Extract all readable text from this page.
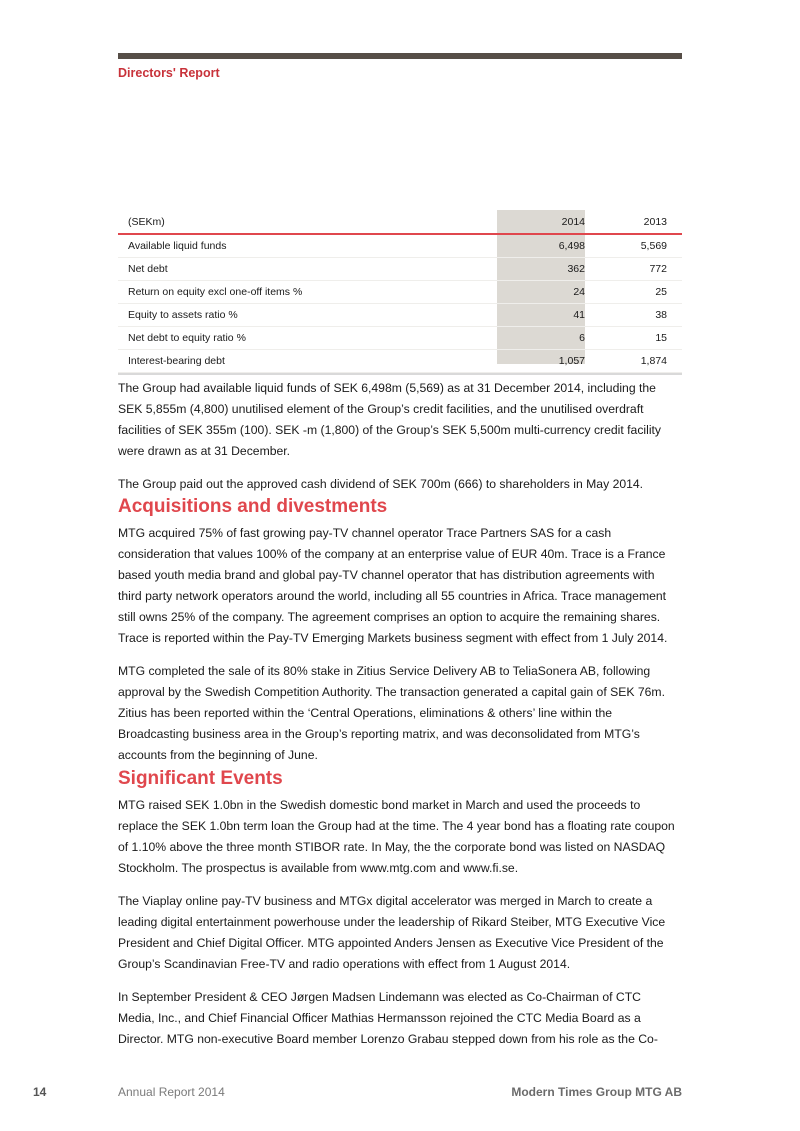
Directors' Report
(SEKm)	2014	2013
Available liquid funds	6,498	5,569
Net debt	362	772
Return on equity excl one-off items %	24	25
Equity to assets ratio %	41	38
Net debt to equity ratio %	6	15
Interest-bearing debt	1,057	1,874

The Group had available liquid funds of SEK 6,498m (5,569) as at 31 December 2014, including the SEK 5,855m (4,800) unutilised element of the Group’s credit facilities, and the unutilised overdraft facilities of SEK 355m (100). SEK -m (1,800) of the Group’s SEK 5,500m multi-currency credit facility were drawn as at 31 December.

The Group paid out the approved cash dividend of SEK 700m (666) to shareholders in May 2014.

Acquisitions and divestments

MTG acquired 75% of fast growing pay-TV channel operator Trace Partners SAS for a cash consideration that values 100% of the company at an enterprise value of EUR 40m. Trace is a France based youth media brand and global pay-TV channel operator that has distribution agreements with third party network operators around the world, including all 55 countries in Africa. Trace management still owns 25% of the company. The agreement comprises an option to acquire the remaining shares. Trace is reported within the Pay-TV Emerging Markets business segment with effect from 1 July 2014.

MTG completed the sale of its 80% stake in Zitius Service Delivery AB to TeliaSonera AB, following approval by the Swedish Competition Authority. The transaction generated a capital gain of SEK 76m. Zitius has been reported within the ‘Central Operations, eliminations & others’ line within the Broadcasting business area in the Group’s reporting matrix, and was deconsolidated from MTG’s accounts from the beginning of June.

Significant Events

MTG raised SEK 1.0bn in the Swedish domestic bond market in March and used the proceeds to replace the SEK 1.0bn term loan the Group had at the time. The 4 year bond has a floating rate coupon of 1.10% above the three month STIBOR rate. In May, the the corporate bond was listed on NASDAQ Stockholm. The prospectus is available from www.mtg.com and www.fi.se.

The Viaplay online pay-TV business and MTGx digital accelerator was merged in March to create a leading digital entertainment powerhouse under the leadership of Rikard Steiber, MTG Executive Vice President and Chief Digital Officer. MTG appointed Anders Jensen as Executive Vice President of the Group’s Scandinavian Free-TV and radio operations with effect from 1 August 2014.

In September President & CEO Jørgen Madsen Lindemann was elected as Co-Chairman of CTC Media, Inc., and Chief Financial Officer Mathias Hermansson rejoined the CTC Media Board as a Director. MTG non-executive Board member Lorenzo Grabau stepped down from his role as the Co-

14	Annual Report 2014	Modern Times Group MTG AB
